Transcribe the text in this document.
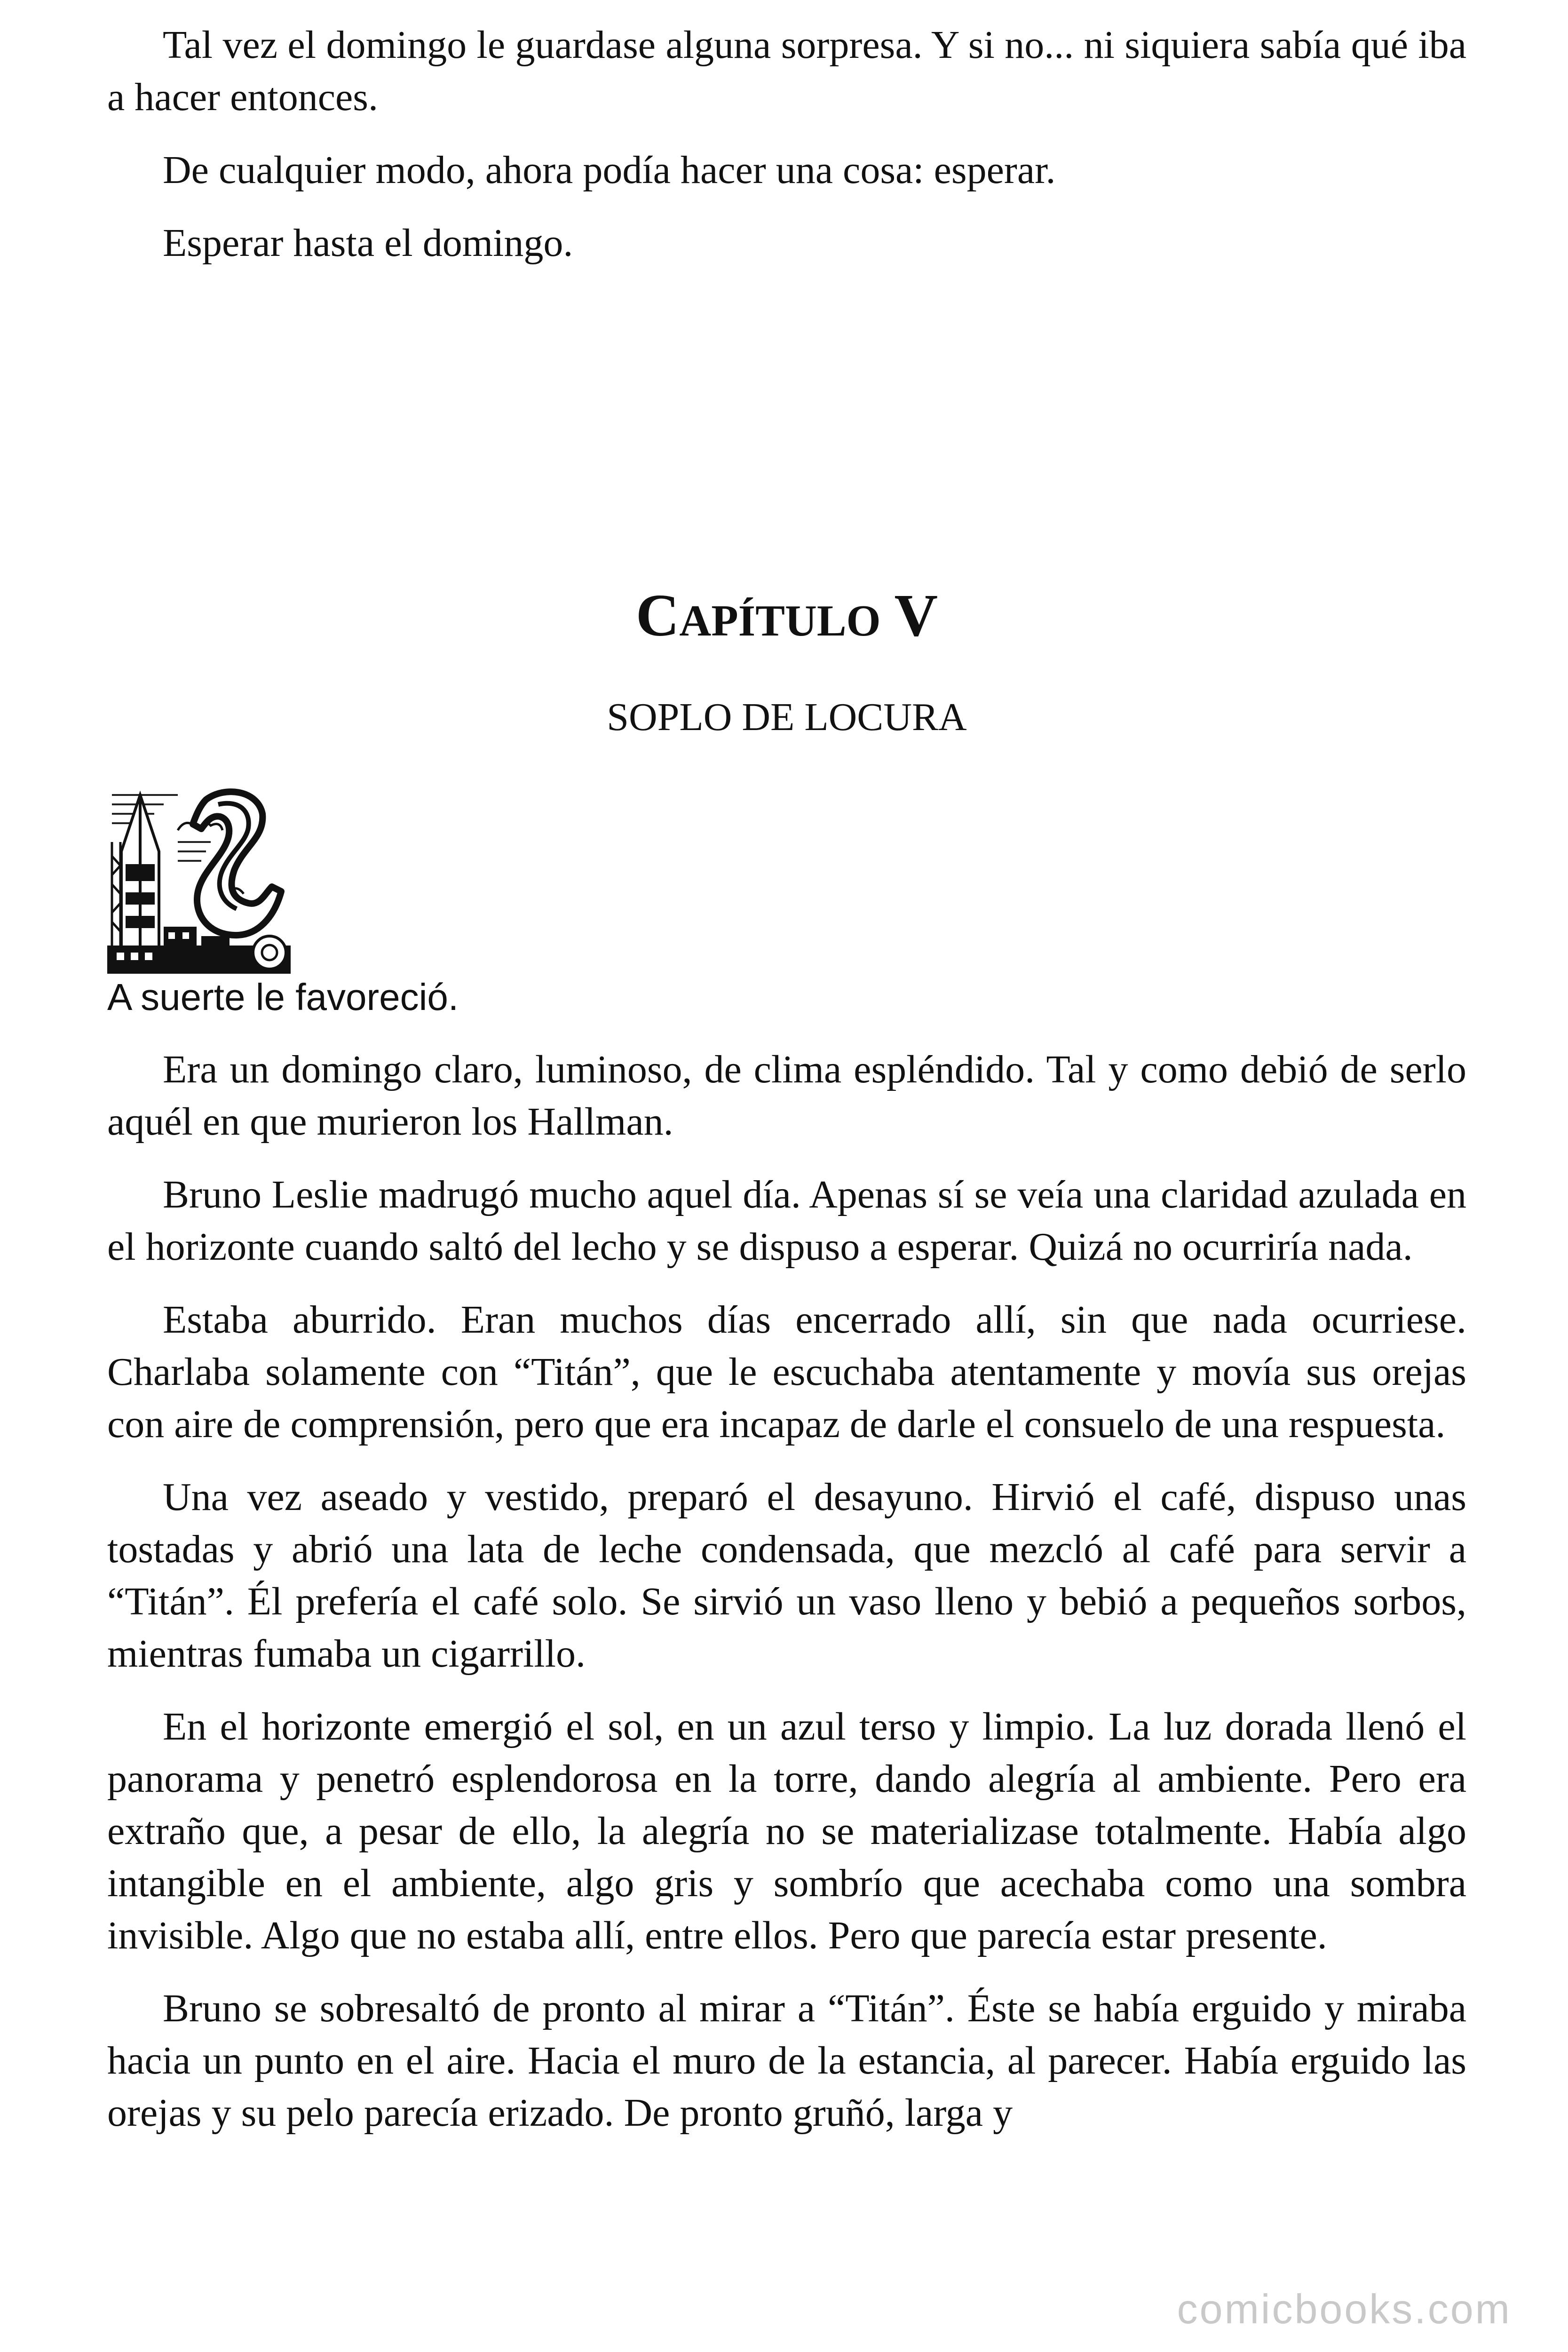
Tal vez el domingo le guardase alguna sorpresa. Y si no... ni siquiera sabía qué iba a hacer entonces.

De cualquier modo, ahora podía hacer una cosa: esperar.

Esperar hasta el domingo.

CAPÍTULO V
SOPLO DE LOCURA
A suerte le favoreció.

Era un domingo claro, luminoso, de clima espléndido. Tal y como debió de serlo aquél en que murieron los Hallman.

Bruno Leslie madrugó mucho aquel día. Apenas sí se veía una claridad azulada en el horizonte cuando saltó del lecho y se dispuso a esperar. Quizá no ocurriría nada.

Estaba aburrido. Eran muchos días encerrado allí, sin que nada ocurriese. Charlaba solamente con “Titán”, que le escuchaba atentamente y movía sus orejas con aire de comprensión, pero que era incapaz de darle el consuelo de una respuesta.

Una vez aseado y vestido, preparó el desayuno. Hirvió el café, dispuso unas tostadas y abrió una lata de leche condensada, que mezcló al café para servir a “Titán”. Él prefería el café solo. Se sirvió un vaso lleno y bebió a pequeños sorbos, mientras fumaba un cigarrillo.

En el horizonte emergió el sol, en un azul terso y limpio. La luz dorada llenó el panorama y penetró esplendorosa en la torre, dando alegría al ambiente. Pero era extraño que, a pesar de ello, la alegría no se materializase totalmente. Había algo intangible en el ambiente, algo gris y sombrío que acechaba como una sombra invisible. Algo que no estaba allí, entre ellos. Pero que parecía estar presente.

Bruno se sobresaltó de pronto al mirar a “Titán”. Éste se había erguido y miraba hacia un punto en el aire. Hacia el muro de la estancia, al parecer. Había erguido las orejas y su pelo parecía erizado. De pronto gruñó, larga y

comicbooks.com
